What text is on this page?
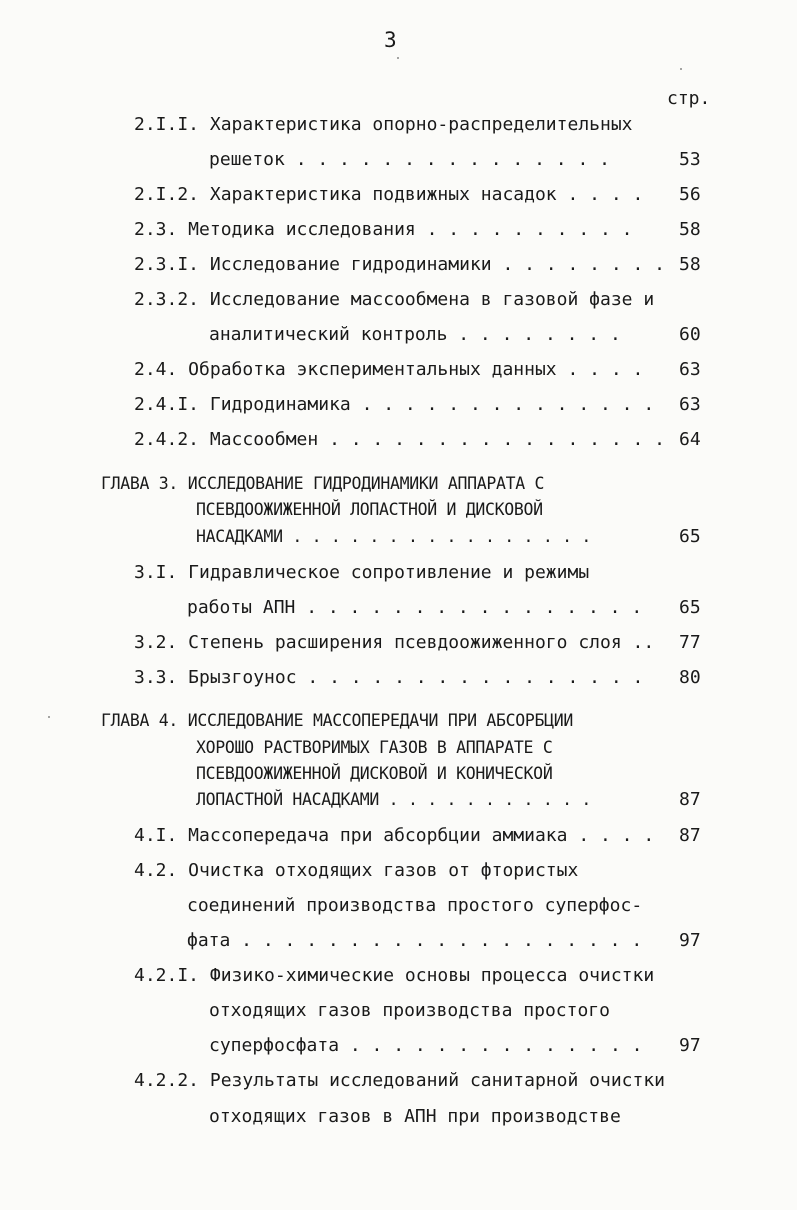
3
стр.
2.I.I. Характеристика опорно-распределительных
решеток . . . . . . . . . . . . . . .	53
2.I.2. Характеристика подвижных насадок . . . . 56
2.3. Методика исследования . . . . . . . . . .	58
2.3.I. Исследование гидродинамики . . . . . . . . 58
2.3.2. Исследование массообмена в газовой фазе и
аналитический контроль . . . . . . . .	60
2.4. Обработка экспериментальных данных . . . . 63
2.4.I. Гидродинамика . . . . . . . . . . . . . . 63
2.4.2. Массообмен . . . . . . . . . . . . . . . . 64
ГЛАВА 3. ИССЛЕДОВАНИЕ ГИДРОДИНАМИКИ АППАРАТА С
ПСЕВДООЖИЖЕННОЙ ЛОПАСТНОЙ И ДИСКОВОЙ
НАСАДКАМИ . . . . . . . . . . . . . . . .	65
3.I. Гидравлическое сопротивление и режимы
работы АПН . . . . . . . . . . . . . . . . 65
3.2. Степень расширения псевдоожиженного слоя .. 77
3.3. Брызгоунос . . . . . . . . . . . . . . . . 80
ГЛАВА 4. ИССЛЕДОВАНИЕ МАССОПЕРЕДАЧИ ПРИ АБСОРБЦИИ
ХОРОШО РАСТВОРИМЫХ ГАЗОВ В АППАРАТЕ С
ПСЕВДООЖИЖЕННОЙ ДИСКОВОЙ И КОНИЧЕСКОЙ
ЛОПАСТНОЙ НАСАДКАМИ . . . . . . . . . . .	87
4.I. Массопередача при абсорбции аммиака . . . . 87
4.2. Очистка отходящих газов от фтористых
соединений производства простого суперфос-
фата . . . . . . . . . . . . . . . . . . . 97
4.2.I. Физико-химические основы процесса очистки
отходящих газов производства простого
суперфосфата . . . . . . . . . . . . . . 97
4.2.2. Результаты исследований санитарной очистки
отходящих газов в АПН при производстве
